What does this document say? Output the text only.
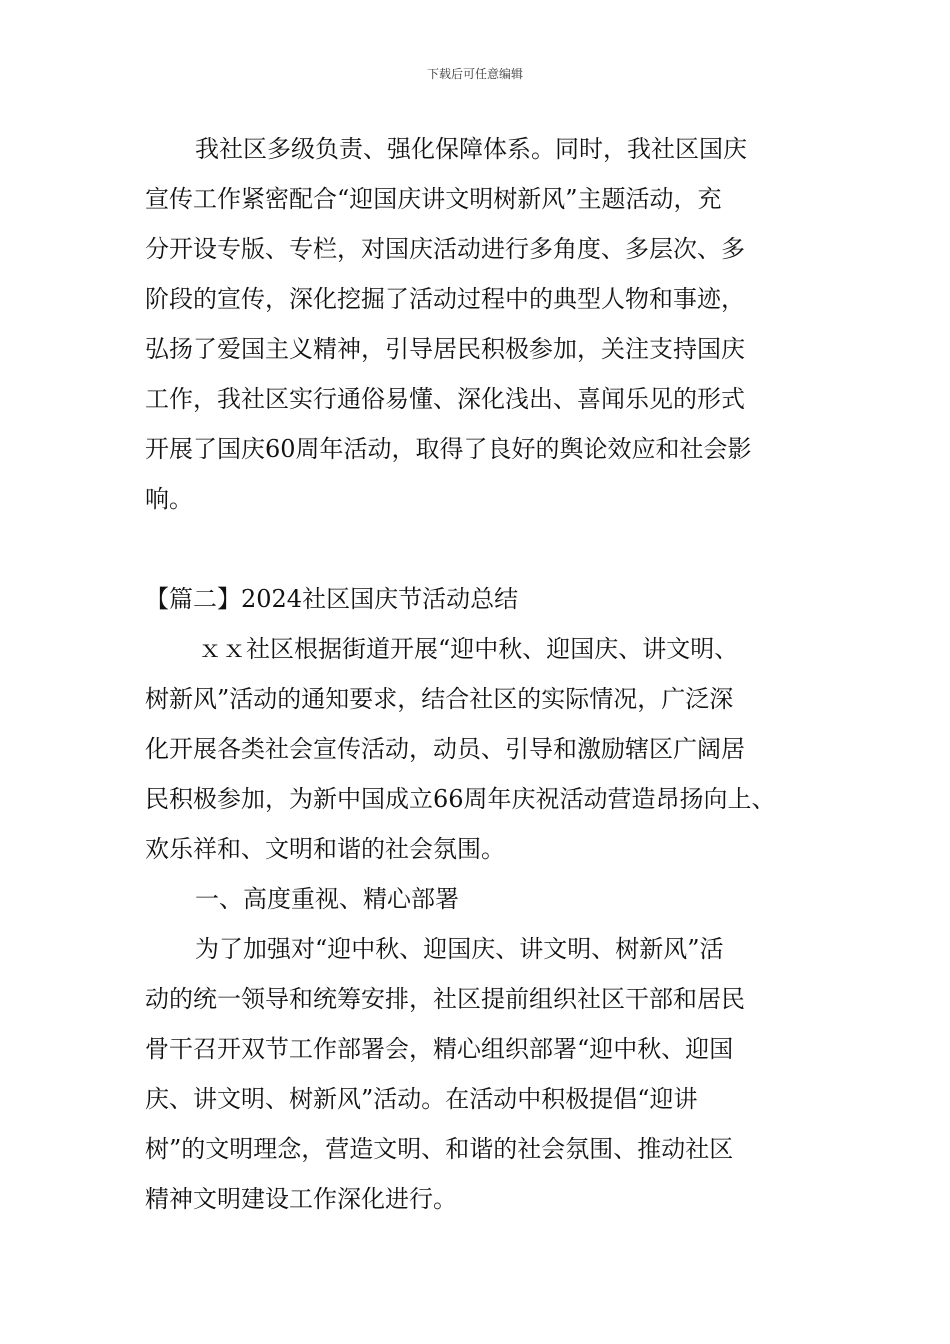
下载后可任意编辑
我社区多级负责、强化保障体系。同时，我社区国庆
宣传工作紧密配合“迎国庆讲文明树新风”主题活动，充
分开设专版、专栏，对国庆活动进行多角度、多层次、多
阶段的宣传，深化挖掘了活动过程中的典型人物和事迹，
弘扬了爱国主义精神，引导居民积极参加，关注支持国庆
工作，我社区实行通俗易懂、深化浅出、喜闻乐见的形式
开展了国庆60周年活动，取得了良好的舆论效应和社会影
响。
【篇二】2024社区国庆节活动总结
ｘｘ社区根据街道开展“迎中秋、迎国庆、讲文明、
树新风”活动的通知要求，结合社区的实际情况，广泛深
化开展各类社会宣传活动，动员、引导和激励辖区广阔居
民积极参加，为新中国成立66周年庆祝活动营造昂扬向上、
欢乐祥和、文明和谐的社会氛围。
一、高度重视、精心部署
为了加强对“迎中秋、迎国庆、讲文明、树新风”活
动的统一领导和统筹安排，社区提前组织社区干部和居民
骨干召开双节工作部署会，精心组织部署“迎中秋、迎国
庆、讲文明、树新风”活动。在活动中积极提倡“迎讲
树”的文明理念，营造文明、和谐的社会氛围、推动社区
精神文明建设工作深化进行。
